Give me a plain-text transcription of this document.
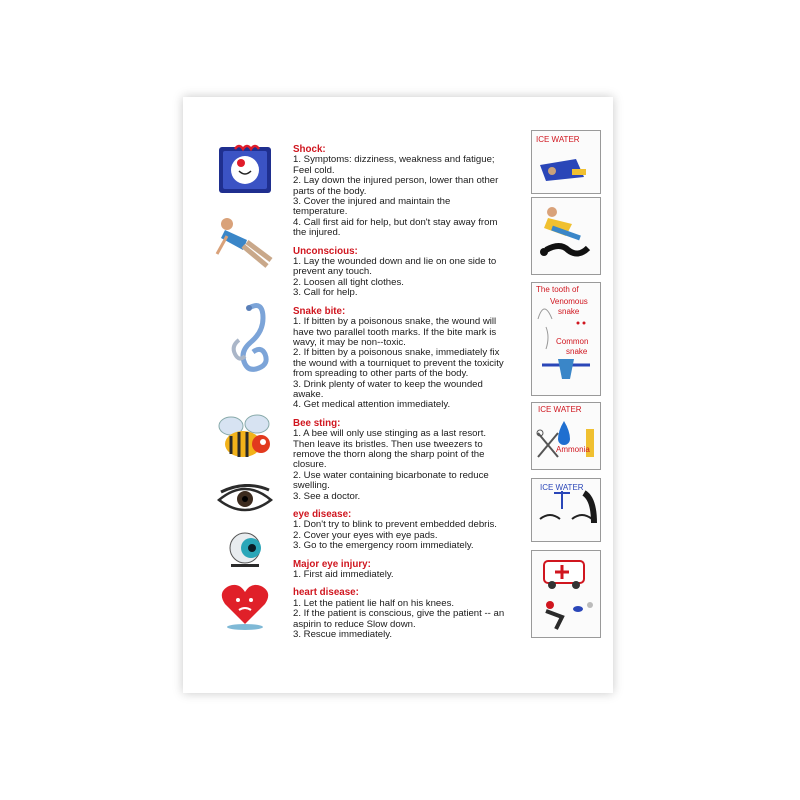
Shock:
1. Symptoms: dizziness, weakness and fatigue;
Feel cold.
2. Lay down the injured person, lower than other
parts of the body.
3. Cover the injured and maintain the
temperature.
4. Call first aid for help, but don't stay away from
the injured.
Unconscious:
1. Lay the wounded down and lie on one side to
prevent any touch.
2. Loosen all tight clothes.
3. Call for help.
Snake bite:
1. If bitten by a poisonous snake, the wound will
have two parallel tooth marks. If the bite mark is
wavy, it may be non--toxic.
2. If bitten by a poisonous snake, immediately fix
the wound with a tourniquet to prevent the toxicity
from spreading to other parts of the body.
3. Drink plenty of water to keep the wounded
awake.
4. Get medical attention immediately.
Bee sting:
1. A bee will only use stinging as a last resort.
Then leave its bristles. Then use tweezers to
remove the thorn along the sharp point of the
closure.
2. Use water containing bicarbonate to reduce
swelling.
3. See a doctor.
eye disease:
1. Don't try to blink to prevent embedded debris.
2. Cover your eyes with eye pads.
3. Go to the emergency room immediately.
Major eye injury:
1. First aid immediately.
heart disease:
1. Let the patient lie half on his knees.
2. If the patient is conscious, give the patient -- an
aspirin to reduce Slow down.
3. Rescue immediately.
ICE WATER
The tooth of
Venomous
snake
Common
snake
ICE WATER
Ammonia
ICE WATER
